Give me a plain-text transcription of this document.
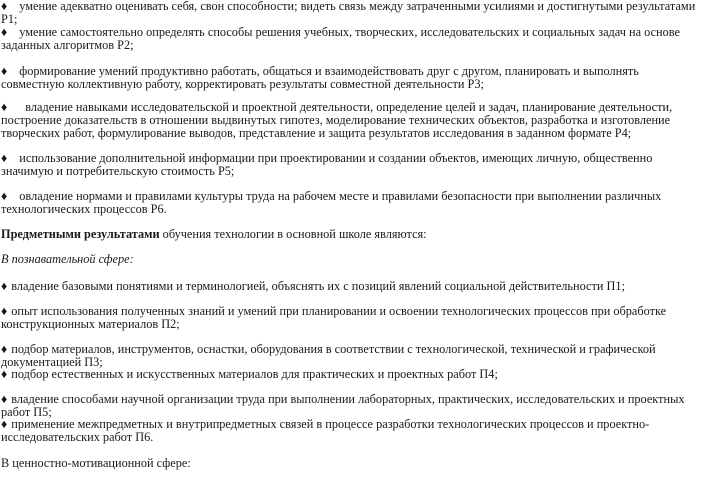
♦ умение адекватно оценивать себя, свон способности; видеть связь между затраченными усилиями и достигнутыми результатами Р1;

♦ умение самостоятельно определять способы решения учебных, творческих, исследовательских и социальных задач на основе заданных алгоритмов Р2;

♦ формирование умений продуктивно работать, общаться и взаимодействовать друг с другом, планировать и выполнять совместную коллективную работу, корректировать результаты совместной деятельности Р3;

♦ владение навыками исследовательской и проектной деятельности, определение целей и задач, планирование деятельности, построение доказательств в отношении выдвинутых гипотез, моделирование технических объектов, разработка и изготовление творческих работ, формулирование выводов, представление и защита результатов исследования в заданном формате Р4;

♦ использование дополнительной информации при проектировании и создании объектов, имеющих личную, общественно значимую и потребительскую стоимость Р5;

♦ овладение нормами и правилами культуры труда на рабочем месте и правилами безопасности при выполнении различных технологических процессов Р6.

Предметными результатами обучения технологии в основной школе являются:

В познавательной сфере:

♦ владение базовыми понятиями и терминологией, объяснять их с позиций явлений социальной действительности П1;

♦ опыт использования полученных знаний и умений при планировании и освоении технологических процессов при обработке конструкционных материалов П2;

♦ подбор материалов, инструментов, оснастки, оборудования в соответствии с технологической, технической и графической документацией П3;

♦ подбор естественных и искусственных материалов для практических и проектных работ П4;

♦ владение способами научной организации труда при выполнении лабораторных, практических, исследовательских и проектных работ П5;

♦ применение межпредметных и внутрипредметных связей в процессе разработки технологических процессов и проектно-исследовательских работ П6.

В ценностно-мотивационной сфере:
